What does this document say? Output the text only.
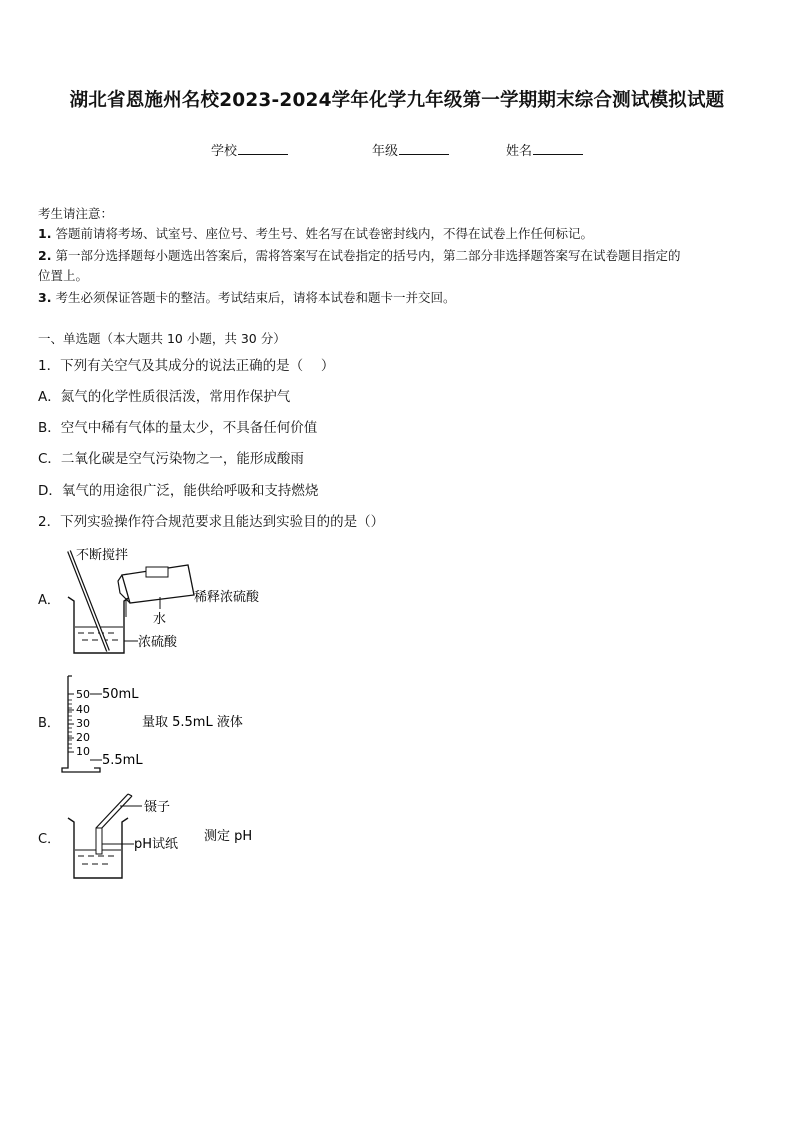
湖北省恩施州名校2023-2024学年化学九年级第一学期期末综合测试模拟试题
学校	年级	姓名
考生请注意：
1. 答题前请将考场、试室号、座位号、考生号、姓名写在试卷密封线内，不得在试卷上作任何标记。
2. 第一部分选择题每小题选出答案后，需将答案写在试卷指定的括号内，第二部分非选择题答案写在试卷题目指定的
位置上。
3. 考生必须保证答题卡的整洁。考试结束后，请将本试卷和题卡一并交回。
一、单选题（本大题共 10 小题，共 30 分）
1．下列有关空气及其成分的说法正确的是（　 ）
A．氮气的化学性质很活泼，常用作保护气
B．空气中稀有气体的量太少，不具备任何价值
C．二氧化碳是空气污染物之一，能形成酸雨
D．氧气的用途很广泛，能供给呼吸和支持燃烧
2．下列实验操作符合规范要求且能达到实验目的的是（）
A．
不断搅拌
水
稀释浓硫酸
浓硫酸
B．
50
40
30
20
10
50mL
5.5mL
量取 5.5mL 液体
C．
镊子
pH试纸
测定 pH
